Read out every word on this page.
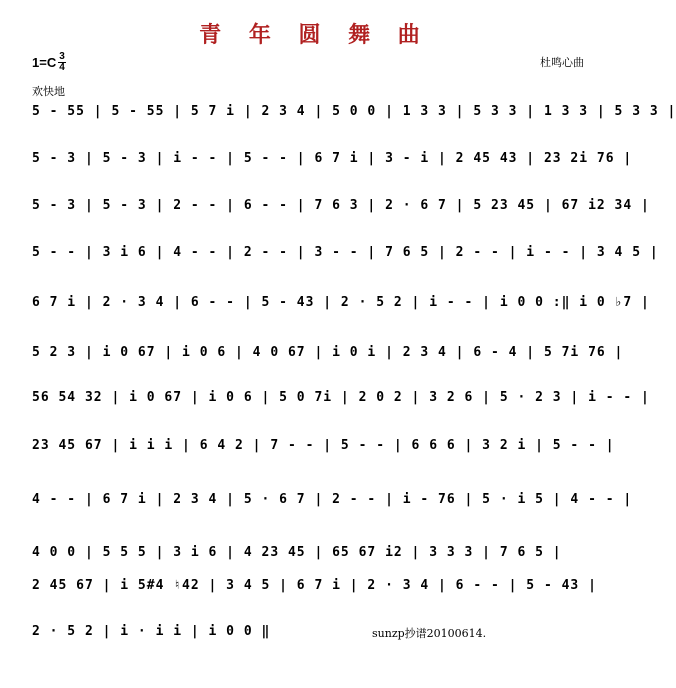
青 年 圆 舞 曲
$1=C \frac{3}{4}$	杜鸣心曲
欢快地
5 - 55 | 5 - 55 | 5 7 i | 2 3 4 | 5 0 0 | 1 3 3 | 5 3 3 | 1 3 3 | 5 3 3 |
5 - 3 | 5 - 3 | i - - | 5 - - | 6 7 i | 3 - i | 2 45 43 | 23 2i 76 |
5 - 3 | 5 - 3 | 2 - - | 6 - - | 7 6 3 | 2 · 6 7 | 5 23 45 | 67 i2 34 |
5 - - | 3 i 6 | 4 - - | 2 - - | 3 - - | 7 6 5 | 2 - - | i - - | 3 4 5 |
6 7 i | 2 · 3 4 | 6 - - | 5 - 43 | 2 · 5 2 | i - - | i 0 0 :‖ i 0 ♭7 |
5 2 3 | i 0 67 | i 0 6 | 4 0 67 | i 0 i | 2 3 4 | 6 - 4 | 5 7i 76 |
56 54 32 | i 0 67 | i 0 6 | 5 0 7i | 2 0 2 | 3 2 6 | 5 · 2 3 | i - - |
23 45 67 | i i i | 6 4 2 | 7 - - | 5 - - | 6 6 6 | 3 2 i | 5 - - |
4 - - | 6 7 i | 2 3 4 | 5 · 6 7 | 2 - - | i - 76 | 5 · i 5 | 4 - - |
4 0 0 | 5 5 5 | 3 i 6 | 4 23 45 | 65 67 i2 | 3 3 3 | 7 6 5 |
2 45 67 | i 5#4 ♮42 | 3 4 5 | 6 7 i | 2 · 3 4 | 6 - - | 5 - 43 |
2 · 5 2 | i · i i | i 0 0 ‖	sunzp抄谱20100614.
